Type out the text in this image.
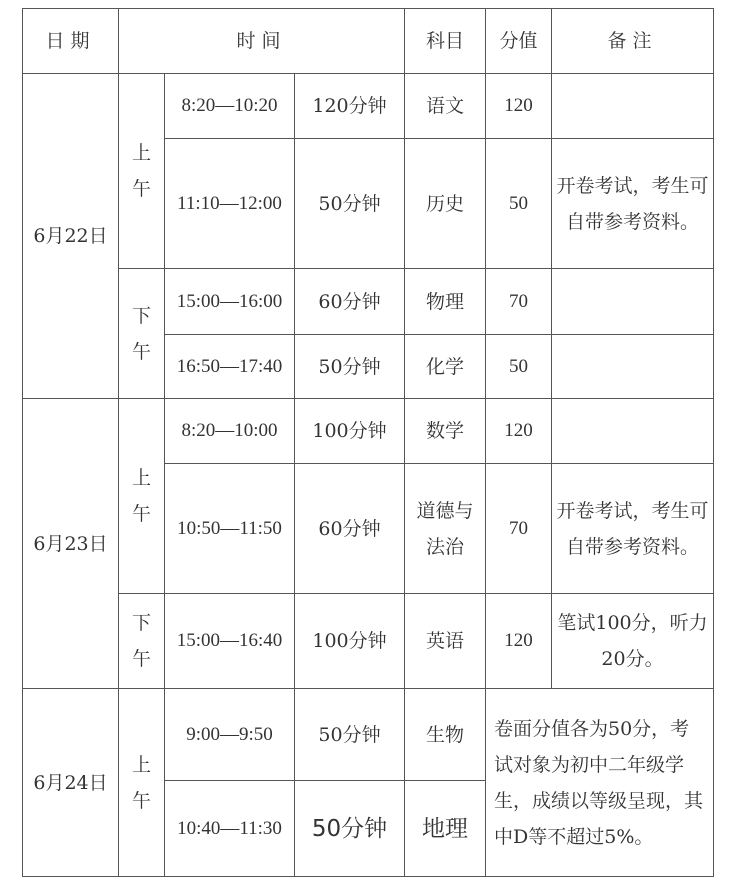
日期	时间			科目	分值	备注
6月22日	上午	8:20—10:20	120分钟	语文	120	
		11:10—12:00	50分钟	历史	50	开卷考试，考生可自带参考资料。
	下午	15:00—16:00	60分钟	物理	70	
		16:50—17:40	50分钟	化学	50	
6月23日	上午	8:20—10:00	100分钟	数学	120	
		10:50—11:50	60分钟	道德与法治	70	开卷考试，考生可自带参考资料。
	下午	15:00—16:40	100分钟	英语	120	笔试100分，听力20分。
6月24日	上午	9:00—9:50	50分钟	生物	卷面分值各为50分，考试对象为初中二年级学生，成绩以等级呈现，其中D等不超过5%。	
		10:40—11:30	50分钟	地理		
